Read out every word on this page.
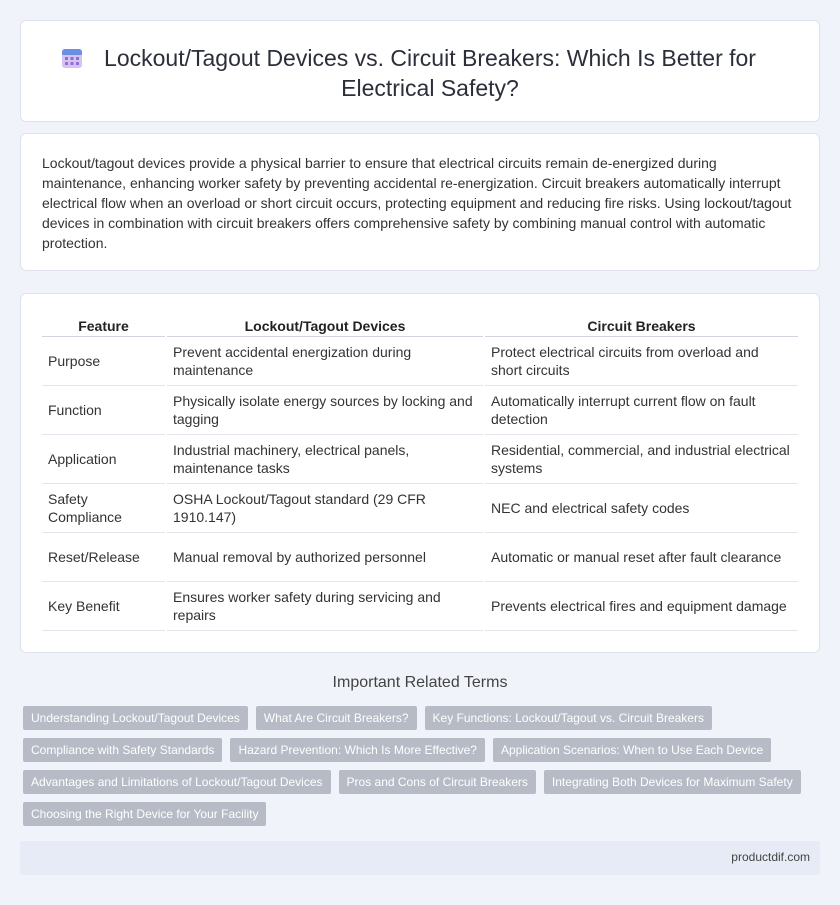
Lockout/Tagout Devices vs. Circuit Breakers: Which Is Better for Electrical Safety?

Lockout/tagout devices provide a physical barrier to ensure that electrical circuits remain de-energized during maintenance, enhancing worker safety by preventing accidental re-energization. Circuit breakers automatically interrupt electrical flow when an overload or short circuit occurs, protecting equipment and reducing fire risks. Using lockout/tagout devices in combination with circuit breakers offers comprehensive safety by combining manual control with automatic protection.

Feature	Lockout/Tagout Devices	Circuit Breakers
Purpose	Prevent accidental energization during maintenance	Protect electrical circuits from overload and short circuits
Function	Physically isolate energy sources by locking and tagging	Automatically interrupt current flow on fault detection
Application	Industrial machinery, electrical panels, maintenance tasks	Residential, commercial, and industrial electrical systems
Safety Compliance	OSHA Lockout/Tagout standard (29 CFR 1910.147)	NEC and electrical safety codes
Reset/Release	Manual removal by authorized personnel	Automatic or manual reset after fault clearance
Key Benefit	Ensures worker safety during servicing and repairs	Prevents electrical fires and equipment damage
Important Related Terms
Understanding Lockout/Tagout Devices	What Are Circuit Breakers?	Key Functions: Lockout/Tagout vs. Circuit Breakers
Compliance with Safety Standards	Hazard Prevention: Which Is More Effective?	Application Scenarios: When to Use Each Device
Advantages and Limitations of Lockout/Tagout Devices	Pros and Cons of Circuit Breakers	Integrating Both Devices for Maximum Safety
Choosing the Right Device for Your Facility
productdif.com
